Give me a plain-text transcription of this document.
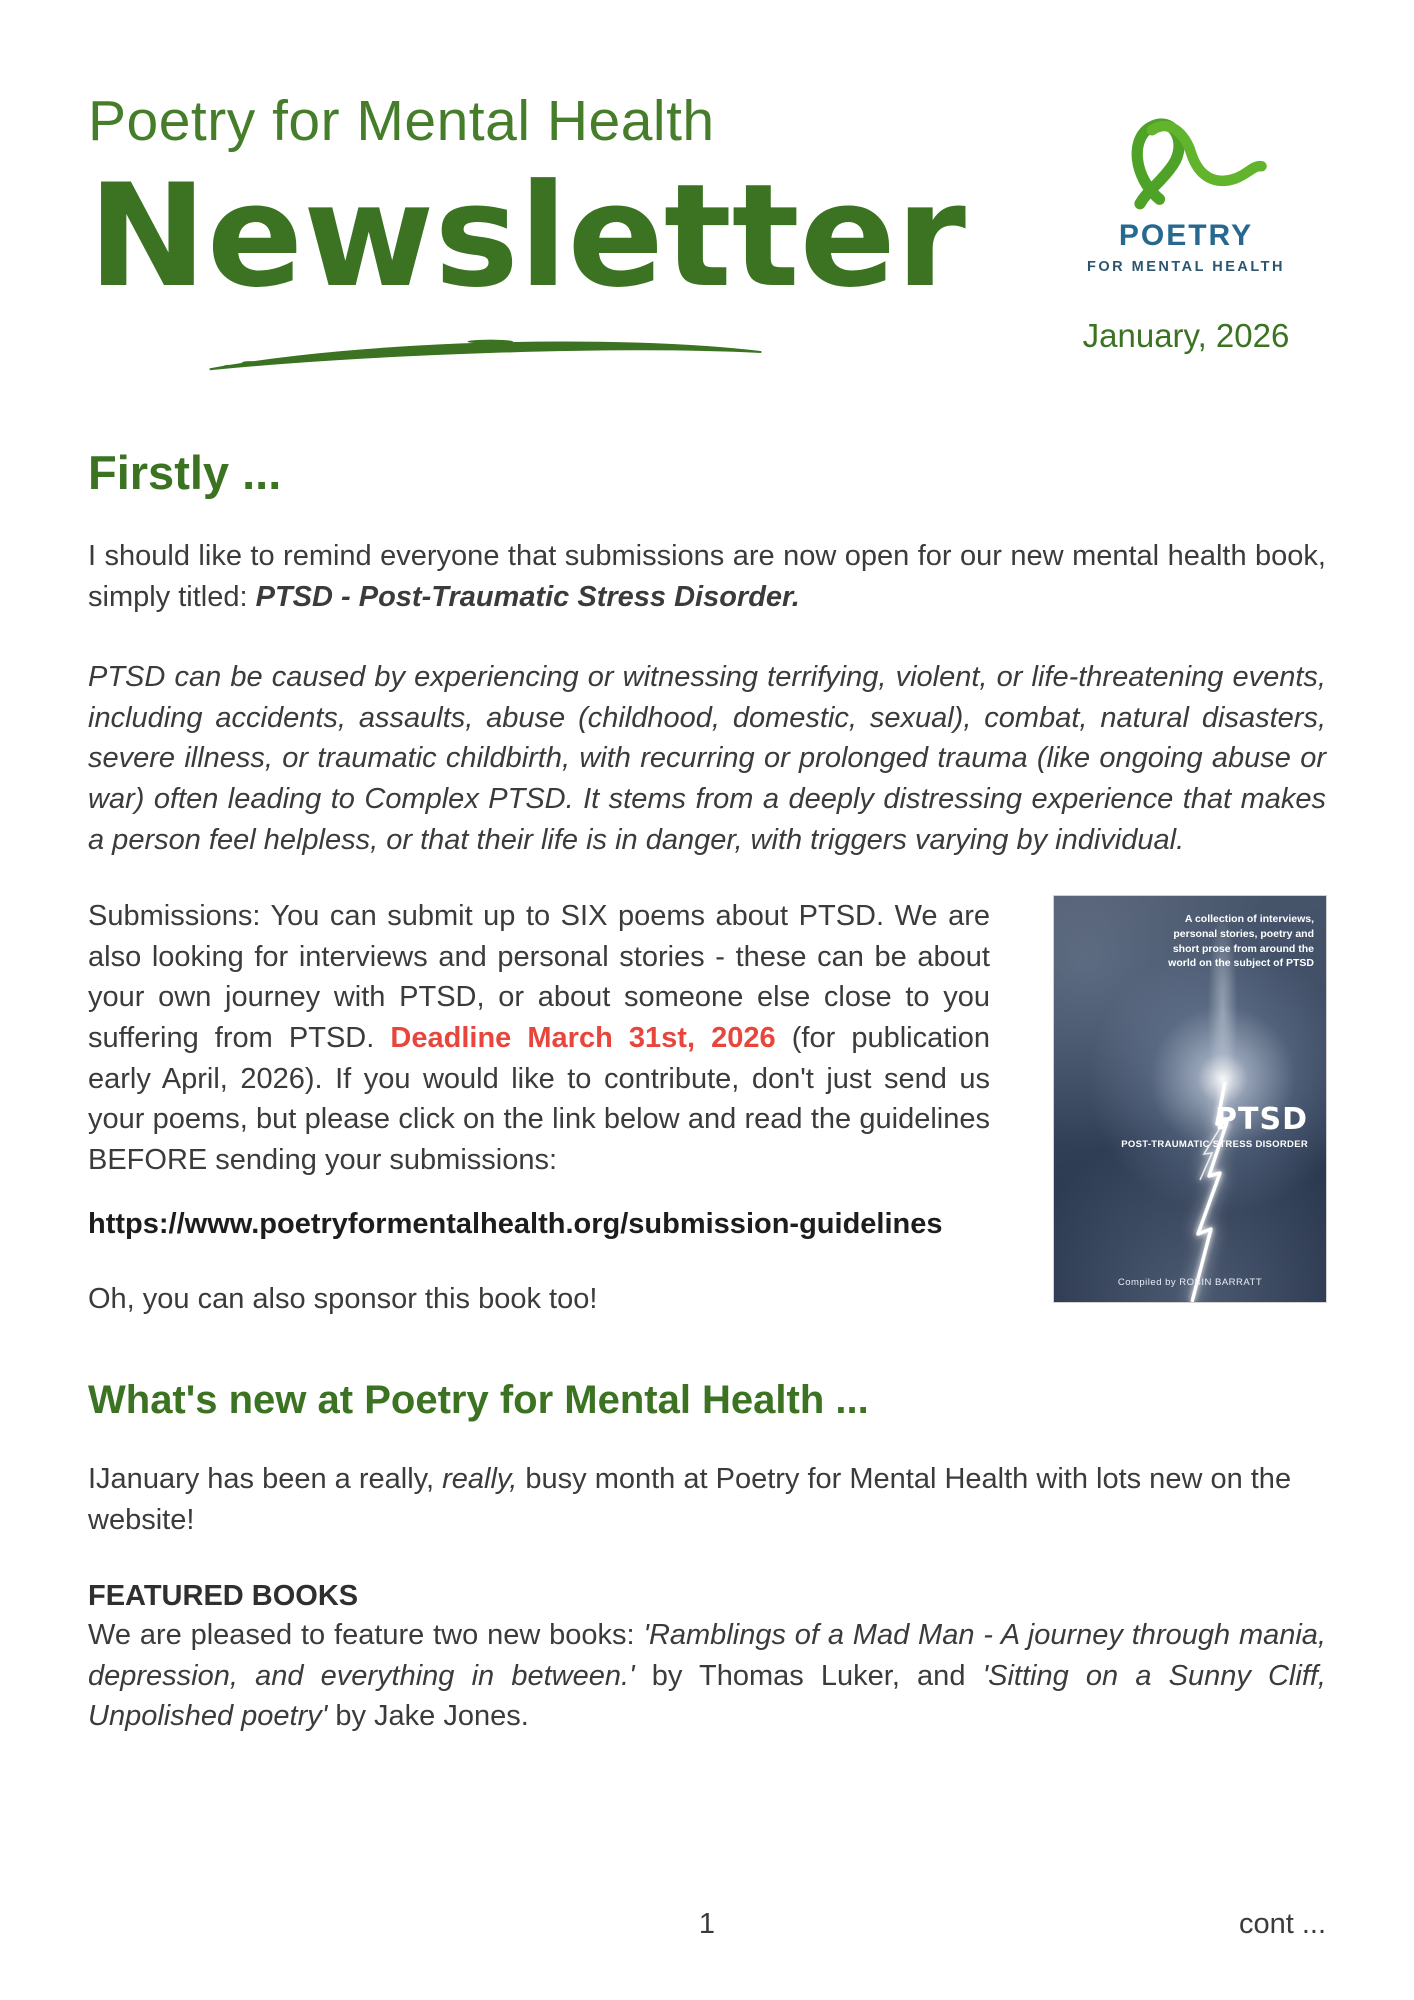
Poetry for Mental Health
Newsletter	POETRY
FOR MENTAL HEALTH
January, 2026
Firstly ...

I should like to remind everyone that submissions are now open for our new mental health book, simply titled: PTSD - Post-Traumatic Stress Disorder.

PTSD can be caused by experiencing or witnessing terrifying, violent, or life-threatening events, including accidents, assaults, abuse (childhood, domestic, sexual), combat, natural disasters, severe illness, or traumatic childbirth, with recurring or prolonged trauma (like ongoing abuse or war) often leading to Complex PTSD. It stems from a deeply distressing experience that makes a person feel helpless, or that their life is in danger, with triggers varying by individual.

Submissions: You can submit up to SIX poems about PTSD. We are also looking for interviews and personal stories - these can be about your own journey with PTSD, or about someone else close to you suffering from PTSD. Deadline March 31st, 2026 (for publication early April, 2026). If you would like to contribute, don't just send us your poems, but please click on the link below and read the guidelines BEFORE sending your submissions:

https://www.poetryformentalhealth.org/submission-guidelines

Oh, you can also sponsor this book too!

A collection of interviews, personal stories, poetry and short prose from around the world on the subject of PTSD
PTSD
POST-TRAUMATIC STRESS DISORDER
Compiled by ROBIN BARRATT
What's new at Poetry for Mental Health ...

IJanuary has been a really, really, busy month at Poetry for Mental Health with lots new on the website!

FEATURED BOOKS

We are pleased to feature two new books: 'Ramblings of a Mad Man - A journey through mania, depression, and everything in between.' by Thomas Luker, and 'Sitting on a Sunny Cliff, Unpolished poetry' by Jake Jones.

1	cont ...
